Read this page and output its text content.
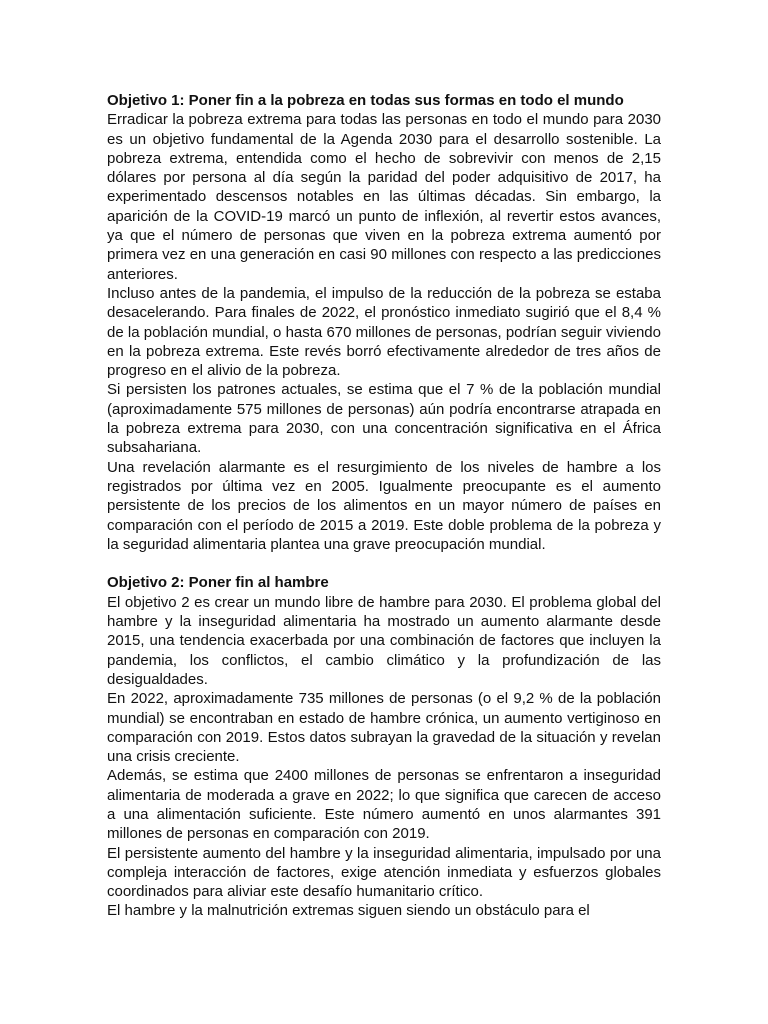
Objetivo 1: Poner fin a la pobreza en todas sus formas en todo el mundo

Erradicar la pobreza extrema para todas las personas en todo el mundo para 2030 es un objetivo fundamental de la Agenda 2030 para el desarrollo sostenible. La pobreza extrema, entendida como el hecho de sobrevivir con menos de 2,15 dólares por persona al día según la paridad del poder adquisitivo de 2017, ha experimentado descensos notables en las últimas décadas. Sin embargo, la aparición de la COVID-19 marcó un punto de inflexión, al revertir estos avances, ya que el número de personas que viven en la pobreza extrema aumentó por primera vez en una generación en casi 90 millones con respecto a las predicciones anteriores.

Incluso antes de la pandemia, el impulso de la reducción de la pobreza se estaba desacelerando. Para finales de 2022, el pronóstico inmediato sugirió que el 8,4 % de la población mundial, o hasta 670 millones de personas, podrían seguir viviendo en la pobreza extrema. Este revés borró efectivamente alrededor de tres años de progreso en el alivio de la pobreza.

Si persisten los patrones actuales, se estima que el 7 % de la población mundial (aproximadamente 575 millones de personas) aún podría encontrarse atrapada en la pobreza extrema para 2030, con una concentración significativa en el África subsahariana.

Una revelación alarmante es el resurgimiento de los niveles de hambre a los registrados por última vez en 2005. Igualmente preocupante es el aumento persistente de los precios de los alimentos en un mayor número de países en comparación con el período de 2015 a 2019. Este doble problema de la pobreza y la seguridad alimentaria plantea una grave preocupación mundial.

Objetivo 2: Poner fin al hambre

El objetivo 2 es crear un mundo libre de hambre para 2030. El problema global del hambre y la inseguridad alimentaria ha mostrado un aumento alarmante desde 2015, una tendencia exacerbada por una combinación de factores que incluyen la pandemia, los conflictos, el cambio climático y la profundización de las desigualdades.

En 2022, aproximadamente 735 millones de personas (o el 9,2 % de la población mundial) se encontraban en estado de hambre crónica, un aumento vertiginoso en comparación con 2019. Estos datos subrayan la gravedad de la situación y revelan una crisis creciente.

Además, se estima que 2400 millones de personas se enfrentaron a inseguridad alimentaria de moderada a grave en 2022; lo que significa que carecen de acceso a una alimentación suficiente. Este número aumentó en unos alarmantes 391 millones de personas en comparación con 2019.

El persistente aumento del hambre y la inseguridad alimentaria, impulsado por una compleja interacción de factores, exige atención inmediata y esfuerzos globales coordinados para aliviar este desafío humanitario crítico.

El hambre y la malnutrición extremas siguen siendo un obstáculo para el
